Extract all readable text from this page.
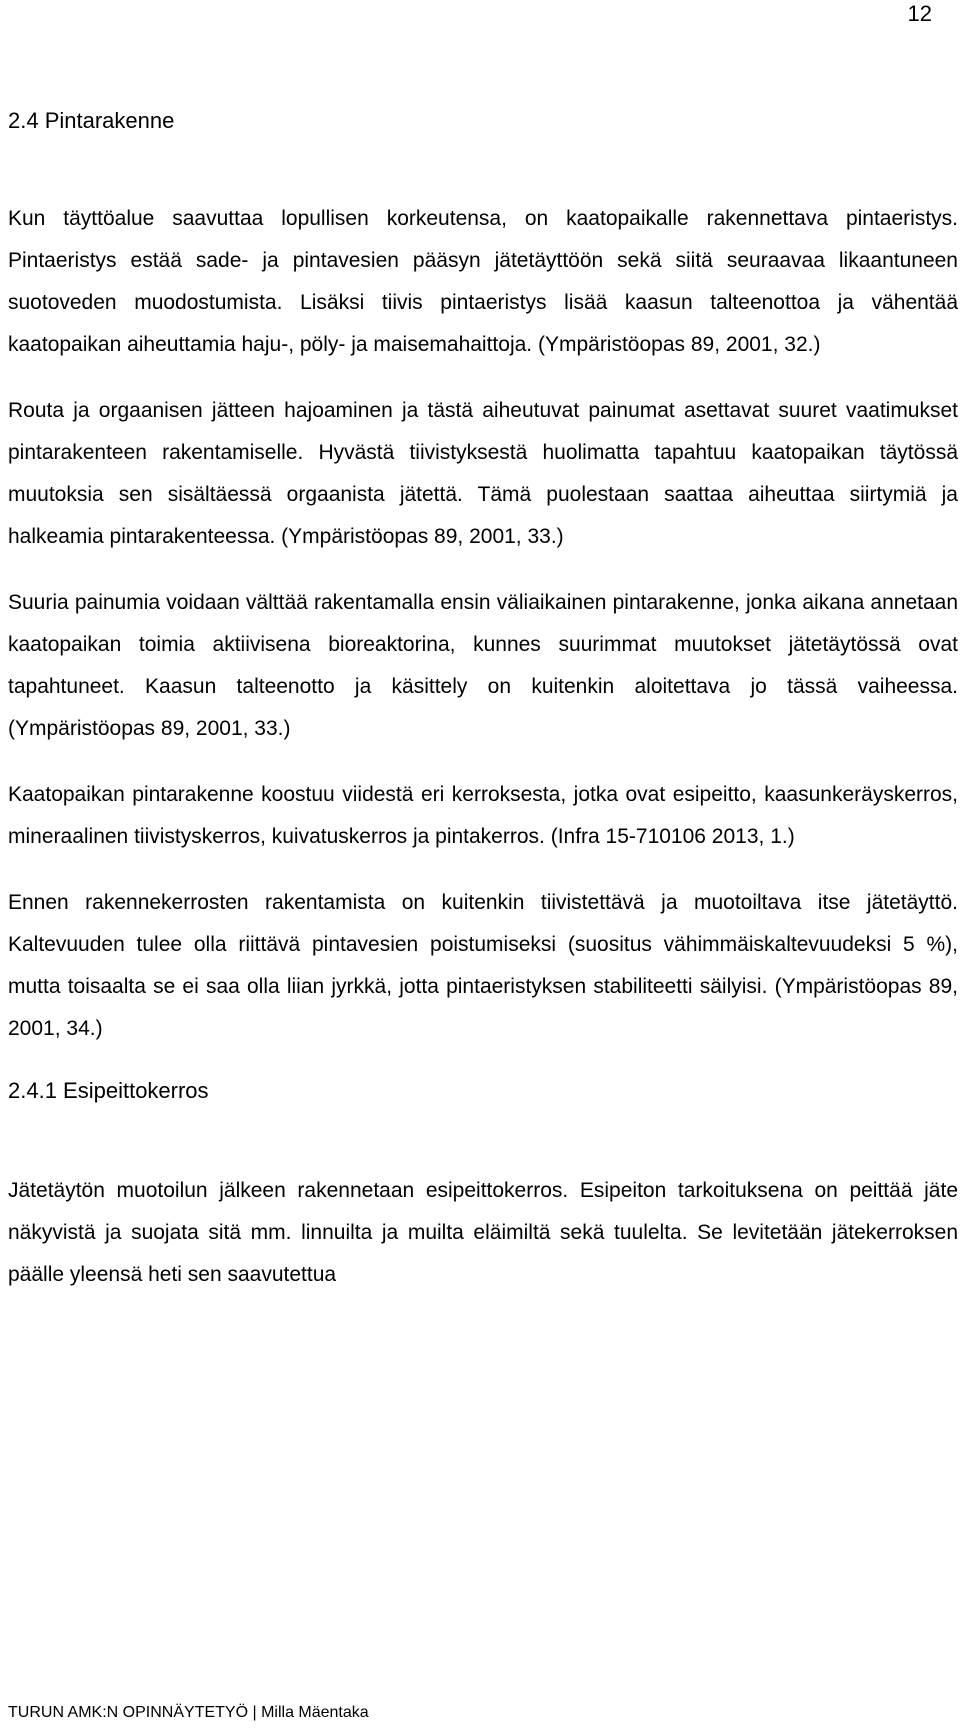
12
2.4 Pintarakenne

Kun täyttöalue saavuttaa lopullisen korkeutensa, on kaatopaikalle rakennettava pintaeristys. Pintaeristys estää sade- ja pintavesien pääsyn jätetäyttöön sekä siitä seuraavaa likaantuneen suotoveden muodostumista. Lisäksi tiivis pintaeristys lisää kaasun talteenottoa ja vähentää kaatopaikan aiheuttamia haju-, pöly- ja maisemahaittoja. (Ympäristöopas 89, 2001, 32.)

Routa ja orgaanisen jätteen hajoaminen ja tästä aiheutuvat painumat asettavat suuret vaatimukset pintarakenteen rakentamiselle. Hyvästä tiivistyksestä huolimatta tapahtuu kaatopaikan täytössä muutoksia sen sisältäessä orgaanista jätettä. Tämä puolestaan saattaa aiheuttaa siirtymiä ja halkeamia pintarakenteessa. (Ympäristöopas 89, 2001, 33.)

Suuria painumia voidaan välttää rakentamalla ensin väliaikainen pintarakenne, jonka aikana annetaan kaatopaikan toimia aktiivisena bioreaktorina, kunnes suurimmat muutokset jätetäytössä ovat tapahtuneet. Kaasun talteenotto ja käsittely on kuitenkin aloitettava jo tässä vaiheessa. (Ympäristöopas 89, 2001, 33.)

Kaatopaikan pintarakenne koostuu viidestä eri kerroksesta, jotka ovat esipeitto, kaasunkeräyskerros, mineraalinen tiivistyskerros, kuivatuskerros ja pintakerros. (Infra 15-710106 2013, 1.)

Ennen rakennekerrosten rakentamista on kuitenkin tiivistettävä ja muotoiltava itse jätetäyttö. Kaltevuuden tulee olla riittävä pintavesien poistumiseksi (suositus vähimmäiskaltevuudeksi 5 %), mutta toisaalta se ei saa olla liian jyrkkä, jotta pintaeristyksen stabiliteetti säilyisi. (Ympäristöopas 89, 2001, 34.)

2.4.1 Esipeittokerros

Jätetäytön muotoilun jälkeen rakennetaan esipeittokerros. Esipeiton tarkoituksena on peittää jäte näkyvistä ja suojata sitä mm. linnuilta ja muilta eläimiltä sekä tuulelta. Se levitetään jätekerroksen päälle yleensä heti sen saavutettua

TURUN AMK:N OPINNÄYTETYÖ | Milla Mäentaka
